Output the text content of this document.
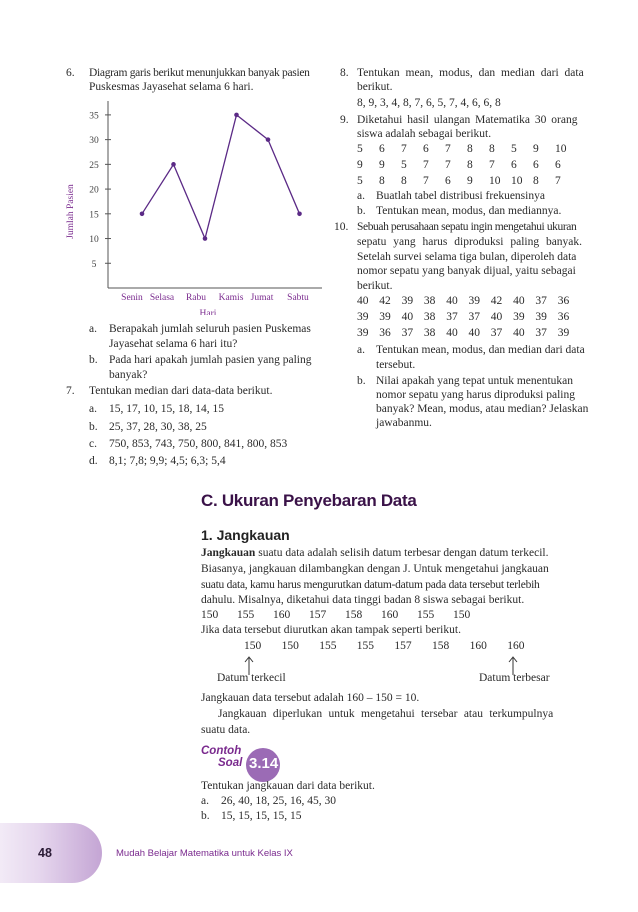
6. Diagram garis berikut menunjukkan banyak pasien
Puskesmas Jayasehat selama 6 hari.
5
10
15
20
25
30
35
Jumlah Pasien
Senin Selasa Rabu Kamis Jumat Sabtu
Hari
a. Berapakah jumlah seluruh pasien Puskemas
Jayasehat selama 6 hari itu?
b. Pada hari apakah jumlah pasien yang paling
banyak?
7. Tentukan median dari data-data berikut.
a. 15, 17, 10, 15, 18, 14, 15
b. 25, 37, 28, 30, 38, 25
c. 750, 853, 743, 750, 800, 841, 800, 853
d. 8,1; 7,8; 9,9; 4,5; 6,3; 5,4
8. Tentukan mean, modus, dan median dari data
berikut.
8, 9, 3, 4, 8, 7, 6, 5, 7, 4, 6, 6, 8
9. Diketahui hasil ulangan Matematika 30 orang
siswa adalah sebagai berikut.
5 6 7 6 7 8 8 5 9 10
9 9 5 7 7 8 7 6 6 6
5 8 8 7 6 9 10 10 8 7
a. Buatlah tabel distribusi frekuensinya
b. Tentukan mean, modus, dan mediannya.
10. Sebuah perusahaan sepatu ingin mengetahui ukuran
sepatu yang harus diproduksi paling banyak.
Setelah survei selama tiga bulan, diperoleh data
nomor sepatu yang banyak dijual, yaitu sebagai
berikut.
40 42 39 38 40 39 42 40 37 36
39 39 40 38 37 37 40 39 39 36
39 36 37 38 40 40 37 40 37 39
a. Tentukan mean, modus, dan median dari data
tersebut.
b. Nilai apakah yang tepat untuk menentukan
nomor sepatu yang harus diproduksi paling
banyak? Mean, modus, atau median? Jelaskan
jawabanmu.
C. Ukuran Penyebaran Data
1. Jangkauan
Jangkauan suatu data adalah selisih datum terbesar dengan datum terkecil.
Biasanya, jangkauan dilambangkan dengan J. Untuk mengetahui jangkauan
suatu data, kamu harus mengurutkan datum-datum pada data tersebut terlebih
dahulu. Misalnya, diketahui data tinggi badan 8 siswa sebagai berikut.
150 155 160 157 158 160 155 150
Jika data tersebut diurutkan akan tampak seperti berikut.
150 150 155 155 157 158 160 160
Datum terkecil	Datum terbesar
Jangkauan data tersebut adalah 160 – 150 = 10.
Jangkauan diperlukan untuk mengetahui tersebar atau terkumpulnya
suatu data.
Contoh
Soal 3.14
Tentukan jangkauan dari data berikut.
a. 26, 40, 18, 25, 16, 45, 30
b. 15, 15, 15, 15, 15
48	Mudah Belajar Matematika untuk Kelas IX
